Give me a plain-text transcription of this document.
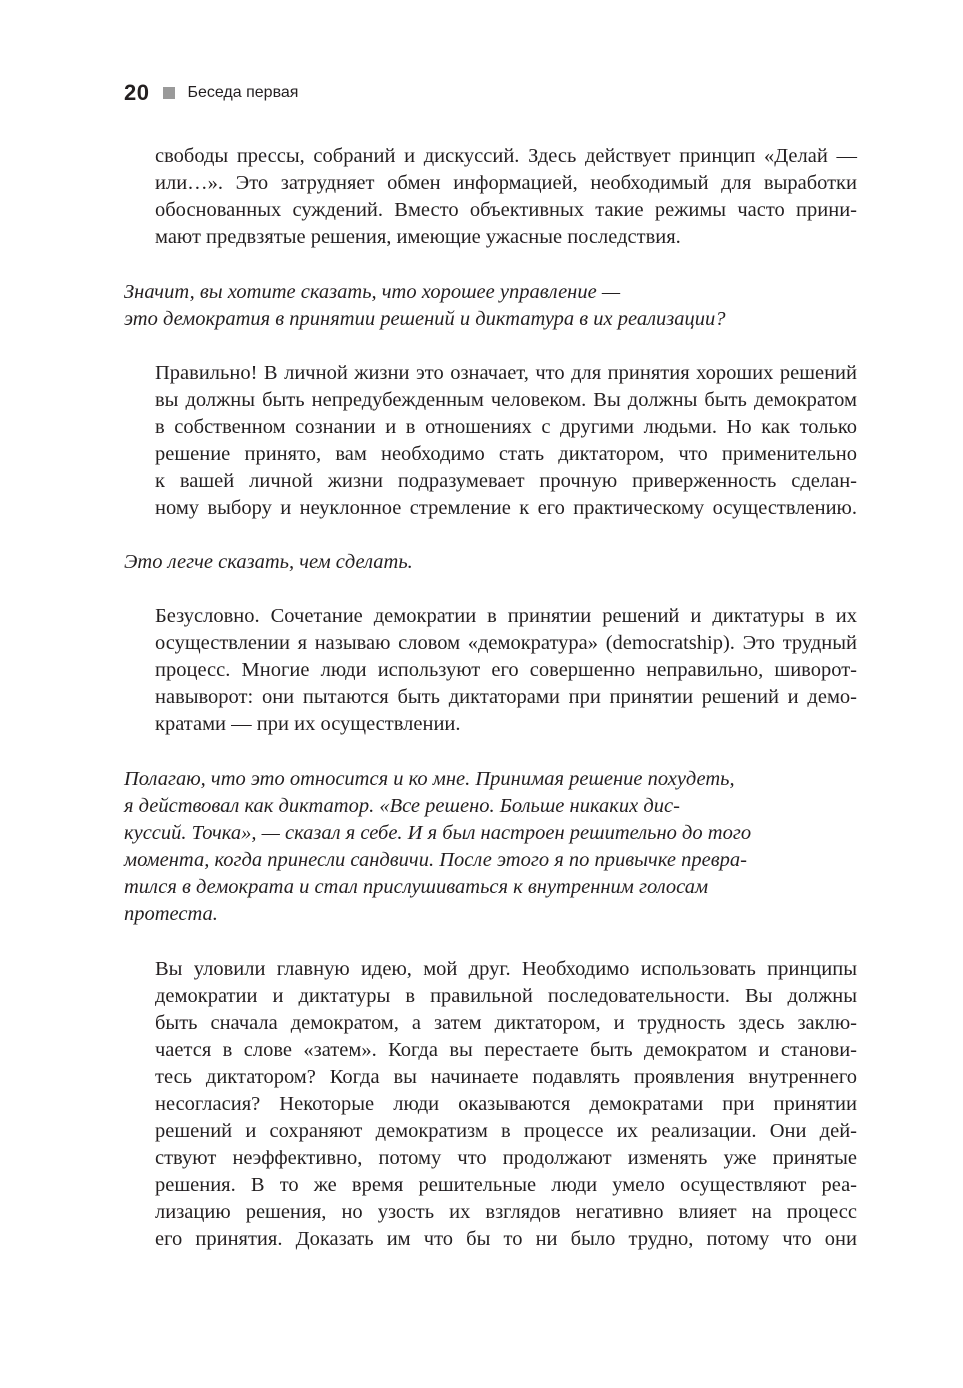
20 Беседа первая
свободы прессы, собраний и дискуссий. Здесь действует принцип «Делай —
или…». Это затрудняет обмен информацией, необходимый для выработки
обоснованных суждений. Вместо объективных такие режимы часто прини-
мают предвзятые решения, имеющие ужасные последствия.
Значит, вы хотите сказать, что хорошее управление —
это демократия в принятии решений и диктатура в их реализации?
Правильно! В личной жизни это означает, что для принятия хороших решений
вы должны быть непредубежденным человеком. Вы должны быть демократом
в собственном сознании и в отношениях с другими людьми. Но как только
решение принято, вам необходимо стать диктатором, что применительно
к вашей личной жизни подразумевает прочную приверженность сделан-
ному выбору и неуклонное стремление к его практическому осуществлению.
Это легче сказать, чем сделать.
Безусловно. Сочетание демократии в принятии решений и диктатуры в их
осуществлении я называю словом «демократура» (democratship). Это трудный
процесс. Многие люди используют его совершенно неправильно, шиворот-
навыворот: они пытаются быть диктаторами при принятии решений и демо-
кратами — при их осуществлении.
Полагаю, что это относится и ко мне. Принимая решение похудеть,
я действовал как диктатор. «Все решено. Больше никаких дис-
куссий. Точка», — сказал я себе. И я был настроен решительно до того
момента, когда принесли сандвичи. После этого я по привычке превра-
тился в демократа и стал прислушиваться к внутренним голосам
протеста.
Вы уловили главную идею, мой друг. Необходимо использовать принципы
демократии и диктатуры в правильной последовательности. Вы должны
быть сначала демократом, а затем диктатором, и трудность здесь заклю-
чается в слове «затем». Когда вы перестаете быть демократом и станови-
тесь диктатором? Когда вы начинаете подавлять проявления внутреннего
несогласия? Некоторые люди оказываются демократами при принятии
решений и сохраняют демократизм в процессе их реализации. Они дей-
ствуют неэффективно, потому что продолжают изменять уже принятые
решения. В то же время решительные люди умело осуществляют реа-
лизацию решения, но узость их взглядов негативно влияет на процесс
его принятия. Доказать им что бы то ни было трудно, потому что они
